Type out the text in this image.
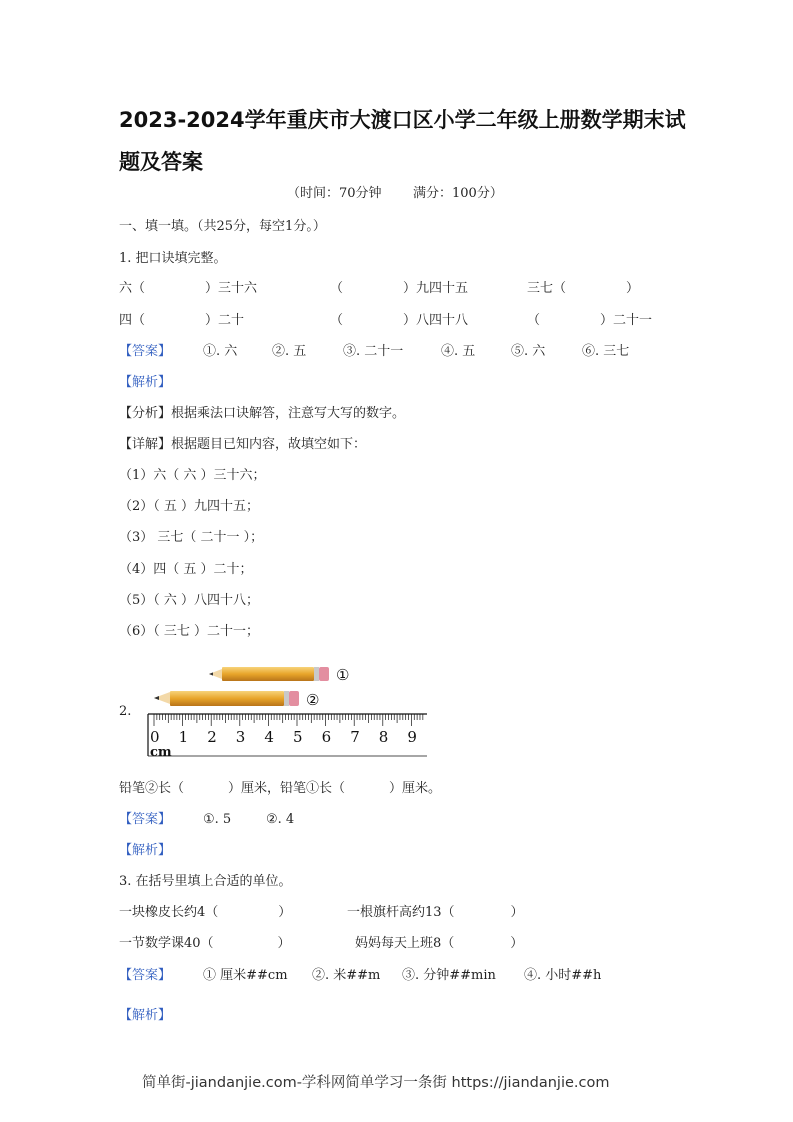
2023-2024学年重庆市大渡口区小学二年级上册数学期末试
题及答案
（时间：70分钟 满分：100分）
一、填一填。（共25分，每空1分。）
1. 把口诀填完整。
六（	）三十六	（	）九四十五	三七（	）
四（	）二十	（	）八四十八	（	）二十一
【答案】 ①. 六	②. 五	③. 二十一	④. 五	⑤. 六	⑥. 三七
【解析】
【分析】根据乘法口诀解答，注意写大写的数字。
【详解】根据题目已知内容，故填空如下：
（1）六（ 六 ）三十六；
（2）（ 五 ）九四十五；
（3） 三七（ 二十一 ）；
（4）四（ 五 ）二十；
（5）（ 六 ）八四十八；
（6）（ 三七 ）二十一；
2.
①
②
0 1 2 3 4 5 6 7 8 9
cm
铅笔②长（	）厘米，铅笔①长（	）厘米。
【答案】 ①. 5	②. 4
【解析】
3. 在括号里填上合适的单位。
一块橡皮长约4（	）	一根旗杆高约13（	）
一节数学课40（	）	妈妈每天上班8（	）
【答案】 ① 厘米##cm ②. 米##m ③. 分钟##min ④. 小时##h
【解析】
简单街-jiandanjie.com-学科网简单学习一条街 https://jiandanjie.com
